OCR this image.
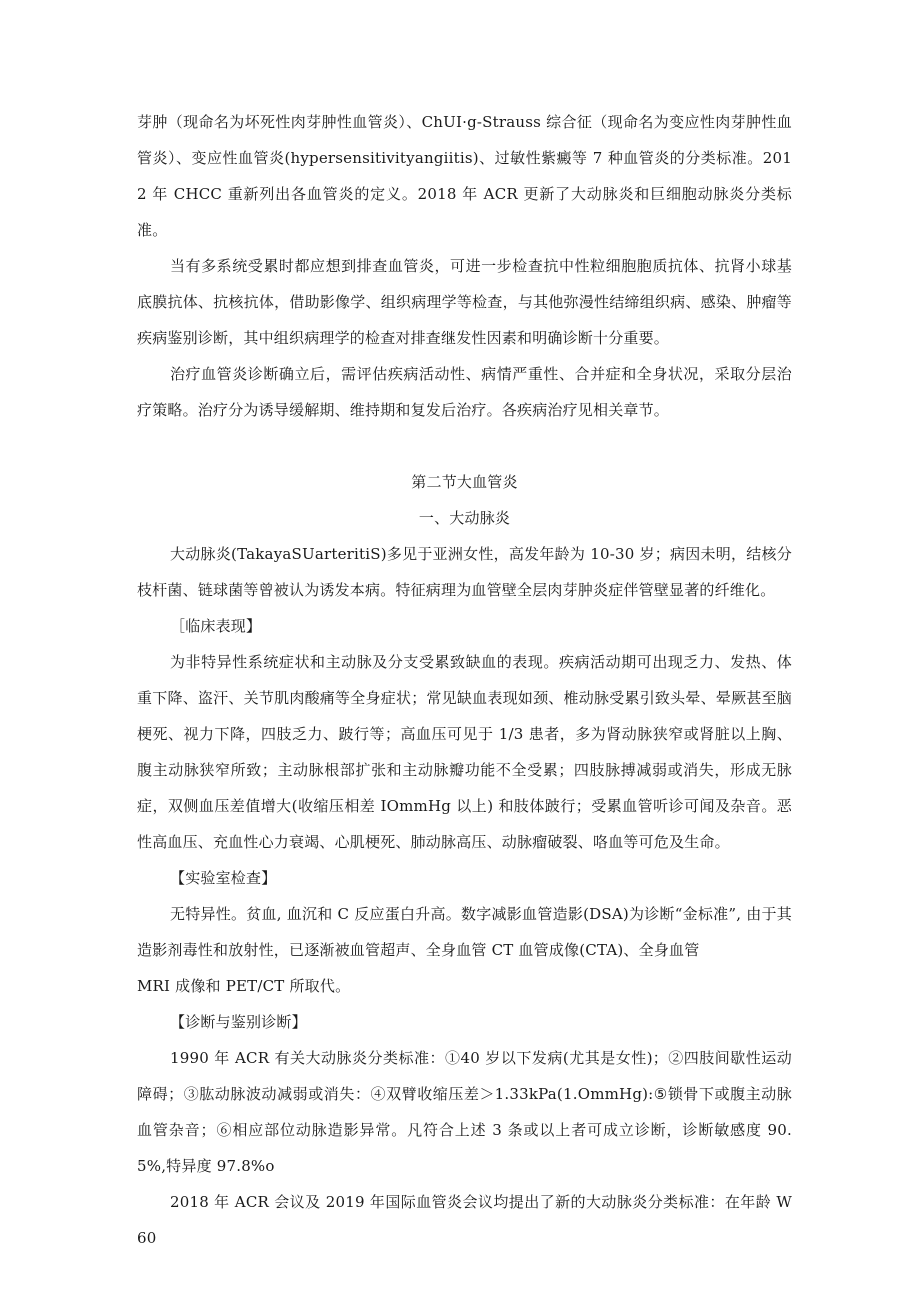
芽肿（现命名为坏死性肉芽肿性血管炎）、ChUI·g-Strauss 综合征（现命名为变应性肉芽肿性血管炎）、变应性血管炎(hypersensitivityangiitis)、过敏性紫癜等 7 种血管炎的分类标准。2012 年 CHCC 重新列出各血管炎的定义。2018 年 ACR 更新了大动脉炎和巨细胞动脉炎分类标准。

当有多系统受累时都应想到排查血管炎，可进一步检查抗中性粒细胞胞质抗体、抗肾小球基底膜抗体、抗核抗体，借助影像学、组织病理学等检查，与其他弥漫性结缔组织病、感染、肿瘤等疾病鉴别诊断，其中组织病理学的检查对排查继发性因素和明确诊断十分重要。

治疗血管炎诊断确立后，需评估疾病活动性、病情严重性、合并症和全身状况，采取分层治疗策略。治疗分为诱导缓解期、维持期和复发后治疗。各疾病治疗见相关章节。

第二节大血管炎

一、大动脉炎

大动脉炎(TakayaSUarteritiS)多见于亚洲女性，高发年龄为 10-30 岁；病因未明，结核分枝杆菌、链球菌等曾被认为诱发本病。特征病理为血管壁全层肉芽肿炎症伴管壁显著的纤维化。

［临床表现】

为非特异性系统症状和主动脉及分支受累致缺血的表现。疾病活动期可出现乏力、发热、体重下降、盗汗、关节肌肉酸痛等全身症状；常见缺血表现如颈、椎动脉受累引致头晕、晕厥甚至脑梗死、视力下降，四肢乏力、跛行等；高血压可见于 1/3 患者，多为肾动脉狭窄或肾脏以上胸、腹主动脉狭窄所致；主动脉根部扩张和主动脉瓣功能不全受累；四肢脉搏减弱或消失，形成无脉症，双侧血压差值增大(收缩压相差 IOmmHg 以上) 和肢体跛行；受累血管听诊可闻及杂音。恶性高血压、充血性心力衰竭、心肌梗死、肺动脉高压、动脉瘤破裂、咯血等可危及生命。

【实验室检查】

无特异性。贫血, 血沉和 C 反应蛋白升高。数字减影血管造影(DSA)为诊断“金标准”, 由于其造影剂毒性和放射性，已逐渐被血管超声、全身血管 CT 血管成像(CTA)、全身血管

MRI 成像和 PET/CT 所取代。

【诊断与鉴别诊断】

1990 年 ACR 有关大动脉炎分类标准：①40 岁以下发病(尤其是女性)；②四肢间歇性运动障碍；③肱动脉波动减弱或消失：④双臂收缩压差＞1.33kPa(1.OmmHg):⑤锁骨下或腹主动脉血管杂音；⑥相应部位动脉造影异常。凡符合上述 3 条或以上者可成立诊断，诊断敏感度 90.5%,特异度 97.8%o

2018 年 ACR 会议及 2019 年国际血管炎会议均提出了新的大动脉炎分类标准：在年龄 W60
